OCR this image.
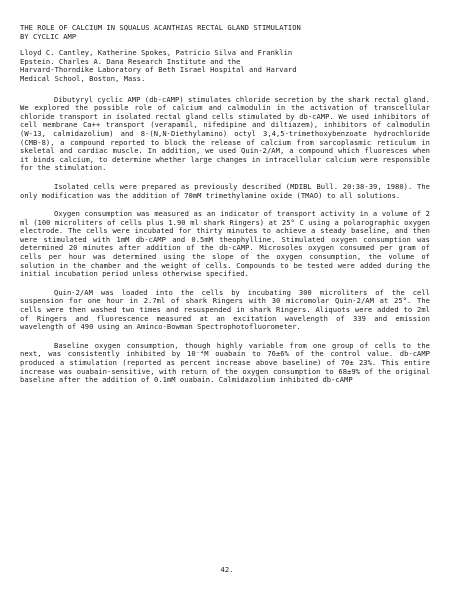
THE ROLE OF CALCIUM IN SQUALUS ACANTHIAS RECTAL GLAND STIMULATION
BY CYCLIC AMP
Lloyd C. Cantley, Katherine Spokes, Patricio Silva and Franklin
Epstein. Charles A. Dana Research Institute and the
Harvard-Thorndike Laboratory of Beth Israel Hospital and Harvard
Medical School, Boston, Mass.

Dibutyryl cyclic AMP (db-cAMP) stimulates chloride secretion by the shark rectal gland. We explored the possible role of calcium and calmodulin in the activation of transcellular chloride transport in isolated rectal gland cells stimulated by db-cAMP. We used inhibitors of cell membrane Ca++ transport (verapamil, nifedipine and diltiazem), inhibitors of calmodulin (W-13, calmidazolium) and 8-(N,N-Diethylamino) octyl 3,4,5-trimethoxybenzoate hydrochloride (CMB-8), a compound reported to block the release of calcium from sarcoplasmic reticulum in skeletal and cardiac muscle. In addition, we used Quin-2/AM, a compound which fluoresces when it binds calcium, to determine whether large changes in intracellular calcium were responsible for the stimulation.

Isolated cells were prepared as previously described (MDIBL Bull. 20:38-39, 1980). The only modification was the addition of 70mM trimethylamine oxide (TMAO) to all solutions.

Oxygen consumption was measured as an indicator of transport activity in a volume of 2 ml (100 microliters of cells plus 1.90 ml shark Ringers) at 25° C using a polarographic oxygen electrode. The cells were incubated for thirty minutes to achieve a steady baseline, and then were stimulated with 1mM db-cAMP and 0.5mM theophylline. Stimulated oxygen consumption was determined 20 minutes after addition of the db-cAMP. Microsoles oxygen consumed per gram of cells per hour was determined using the slope of the oxygen consumption, the volume of solution in the chamber and the weight of cells. Compounds to be tested were added during the initial incubation period unless otherwise specified.

Quin-2/AM was loaded into the cells by incubating 300 microliters of the cell suspension for one hour in 2.7ml of shark Ringers with 30 micromolar Quin-2/AM at 25°. The cells were then washed two times and resuspended in shark Ringers. Aliquots were added to 2ml of Ringers and fluorescence measured at an excitation wavelength of 339 and emission wavelength of 490 using an Aminco-Bowman Spectrophotofluorometer.

Baseline oxygen consumption, though highly variable from one group of cells to the next, was consistently inhibited by 10⁻⁴M ouabain to 76±6% of the control value. db-cAMP produced a stimulation (reported as percent increase above baseline) of 70± 23%. This entire increase was ouabain-sensitive, with return of the oxygen consumption to 68±9% of the original baseline after the addition of 0.1mM ouabain. Calmidazolium inhibited db-cAMP

42.
